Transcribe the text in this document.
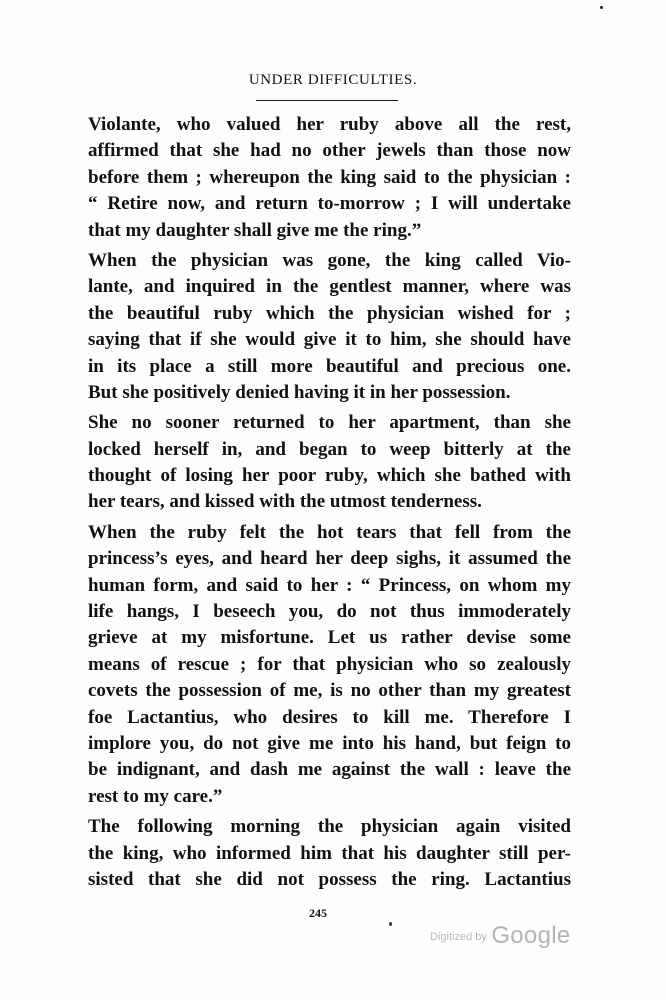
UNDER DIFFICULTIES.
Violante, who valued her ruby above all the rest,
affirmed that she had no other jewels than those now
before them ; whereupon the king said to the physician :
“ Retire now, and return to-morrow ; I will undertake
that my daughter shall give me the ring.”
When the physician was gone, the king called Vio-
lante, and inquired in the gentlest manner, where was
the beautiful ruby which the physician wished for ;
saying that if she would give it to him, she should have
in its place a still more beautiful and precious one.
But she positively denied having it in her possession.
She no sooner returned to her apartment, than she
locked herself in, and began to weep bitterly at the
thought of losing her poor ruby, which she bathed with
her tears, and kissed with the utmost tenderness.
When the ruby felt the hot tears that fell from the
princess’s eyes, and heard her deep sighs, it assumed the
human form, and said to her : “ Princess, on whom my
life hangs, I beseech you, do not thus immoderately
grieve at my misfortune. Let us rather devise some
means of rescue ; for that physician who so zealously
covets the possession of me, is no other than my greatest
foe Lactantius, who desires to kill me. Therefore I
implore you, do not give me into his hand, but feign to
be indignant, and dash me against the wall : leave the
rest to my care.”
The following morning the physician again visited
the king, who informed him that his daughter still per-
sisted that she did not possess the ring. Lactantius
245
Digitized by Google
